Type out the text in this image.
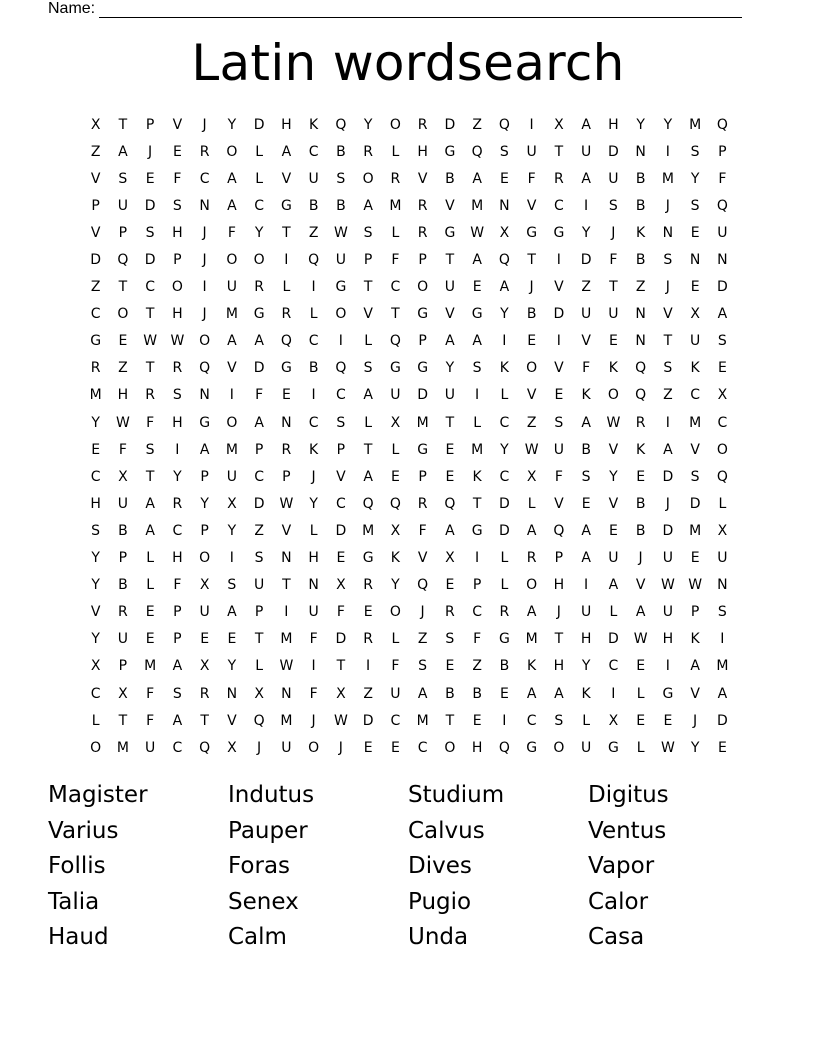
Name:
Latin wordsearch
X	T	P	V	J	Y	D	H	K	Q	Y	O	R	D	Z	Q	I	X	A	H	Y	Y	M	Q
Z	A	J	E	R	O	L	A	C	B	R	L	H	G	Q	S	U	T	U	D	N	I	S	P
V	S	E	F	C	A	L	V	U	S	O	R	V	B	A	E	F	R	A	U	B	M	Y	F
P	U	D	S	N	A	C	G	B	B	A	M	R	V	M	N	V	C	I	S	B	J	S	Q
V	P	S	H	J	F	Y	T	Z	W	S	L	R	G	W	X	G	G	Y	J	K	N	E	U
D	Q	D	P	J	O	O	I	Q	U	P	F	P	T	A	Q	T	I	D	F	B	S	N	N
Z	T	C	O	I	U	R	L	I	G	T	C	O	U	E	A	J	V	Z	T	Z	J	E	D
C	O	T	H	J	M	G	R	L	O	V	T	G	V	G	Y	B	D	U	U	N	V	X	A
G	E	W W	O	A	A	Q	C	I	L	Q	P	A	A	I	E	I	V	E	N	T	U	S
R	Z	T	R	Q	V	D	G	B	Q	S	G	G	Y	S	K	O	V	F	K	Q	S	K	E
M	H	R	S	N	I	F	E	I	C	A	U	D	U	I	L	V	E	K	O	Q	Z	C	X
Y	W	F	H	G	O	A	N	C	S	L	X	M	T	L	C	Z	S	A	W	R	I	M	C
E	F	S	I	A	M	P	R	K	P	T	L	G	E	M	Y	W	U	B	V	K	A	V	O
C	X	T	Y	P	U	C	P	J	V	A	E	P	E	K	C	X	F	S	Y	E	D	S	Q
H	U	A	R	Y	X	D	W	Y	C	Q	Q	R	Q	T	D	L	V	E	V	B	J	D	L
S	B	A	C	P	Y	Z	V	L	D	M	X	F	A	G	D	A	Q	A	E	B	D	M	X
Y	P	L	H	O	I	S	N	H	E	G	K	V	X	I	L	R	P	A	U	J	U	E	U
Y	B	L	F	X	S	U	T	N	X	R	Y	Q	E	P	L	O	H	I	A	V	W W	N
V	R	E	P	U	A	P	I	U	F	E	O	J	R	C	R	A	J	U	L	A	U	P	S
Y	U	E	P	E	E	T	M	F	D	R	L	Z	S	F	G	M	T	H	D	W	H	K	I
X	P	M	A	X	Y	L	W	I	T	I	F	S	E	Z	B	K	H	Y	C	E	I	A	M
C	X	F	S	R	N	X	N	F	X	Z	U	A	B	B	E	A	A	K	I	L	G	V	A
L	T	F	A	T	V	Q	M	J	W	D	C	M	T	E	I	C	S	L	X	E	E	J	D
O	M	U	C	Q	X	J	U	O	J	E	E	C	O	H	Q	G	O	U	G	L	W	Y	E
Magister	Indutus	Studium	Digitus
Varius	Pauper	Calvus	Ventus
Follis	Foras	Dives	Vapor
Talia	Senex	Pugio	Calor
Haud	Calm	Unda	Casa
